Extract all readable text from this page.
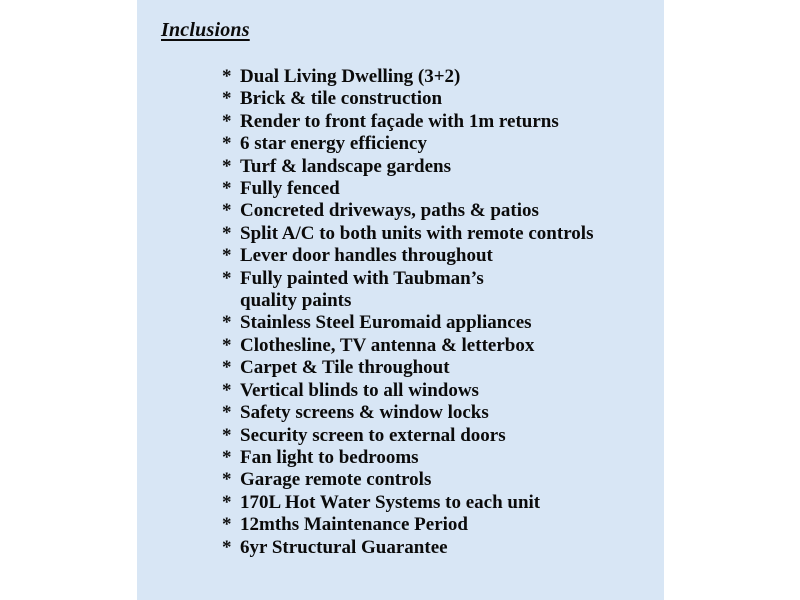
Inclusions
* Dual Living Dwelling (3+2)
* Brick & tile construction
* Render to front façade with 1m returns
* 6 star energy efficiency
* Turf & landscape gardens
* Fully fenced
* Concreted driveways, paths & patios
* Split A/C to both units with remote controls
* Lever door handles throughout
* Fully painted with Taubman’s
quality paints
* Stainless Steel Euromaid appliances
* Clothesline, TV antenna & letterbox
* Carpet & Tile throughout
* Vertical blinds to all windows
* Safety screens & window locks
* Security screen to external doors
* Fan light to bedrooms
* Garage remote controls
* 170L Hot Water Systems to each unit
* 12mths Maintenance Period
* 6yr Structural Guarantee
